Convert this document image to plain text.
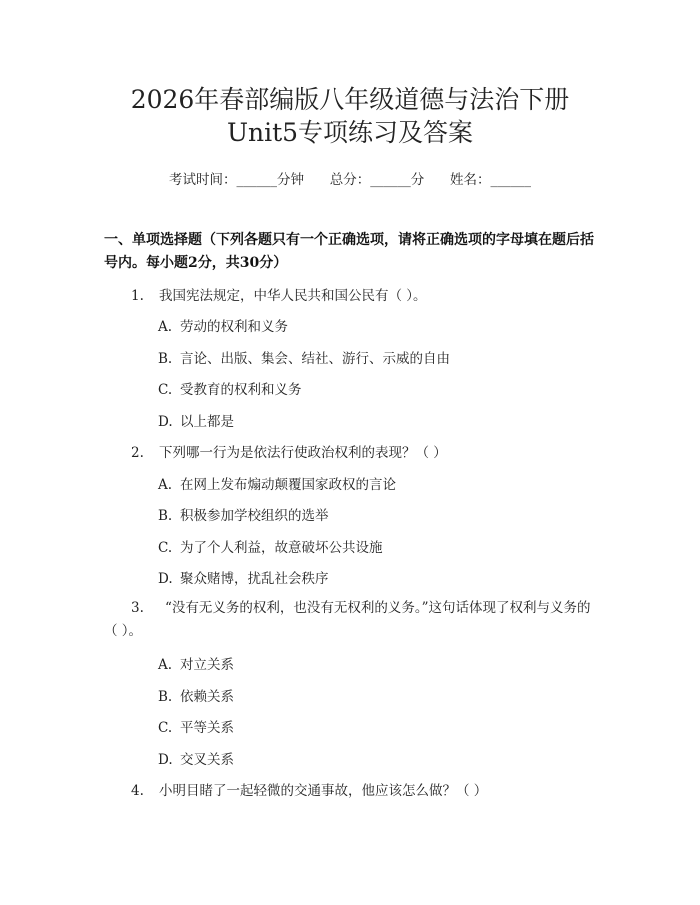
2026年春部编版八年级道德与法治下册
Unit5专项练习及答案
考试时间：______分钟 总分：______分 姓名：______
一、单项选择题（下列各题只有一个正确选项，请将正确选项的字母填在题后括号内。每小题2分，共30分）
1. 我国宪法规定，中华人民共和国公民有（ ）。
A. 劳动的权利和义务
B. 言论、出版、集会、结社、游行、示威的自由
C. 受教育的权利和义务
D. 以上都是
2. 下列哪一行为是依法行使政治权利的表现？（ ）
A. 在网上发布煽动颠覆国家政权的言论
B. 积极参加学校组织的选举
C. 为了个人利益，故意破坏公共设施
D. 聚众赌博，扰乱社会秩序
3. “没有无义务的权利，也没有无权利的义务。”这句话体现了权利与义务的（ ）。
A. 对立关系
B. 依赖关系
C. 平等关系
D. 交叉关系
4. 小明目睹了一起轻微的交通事故，他应该怎么做？（ ）
